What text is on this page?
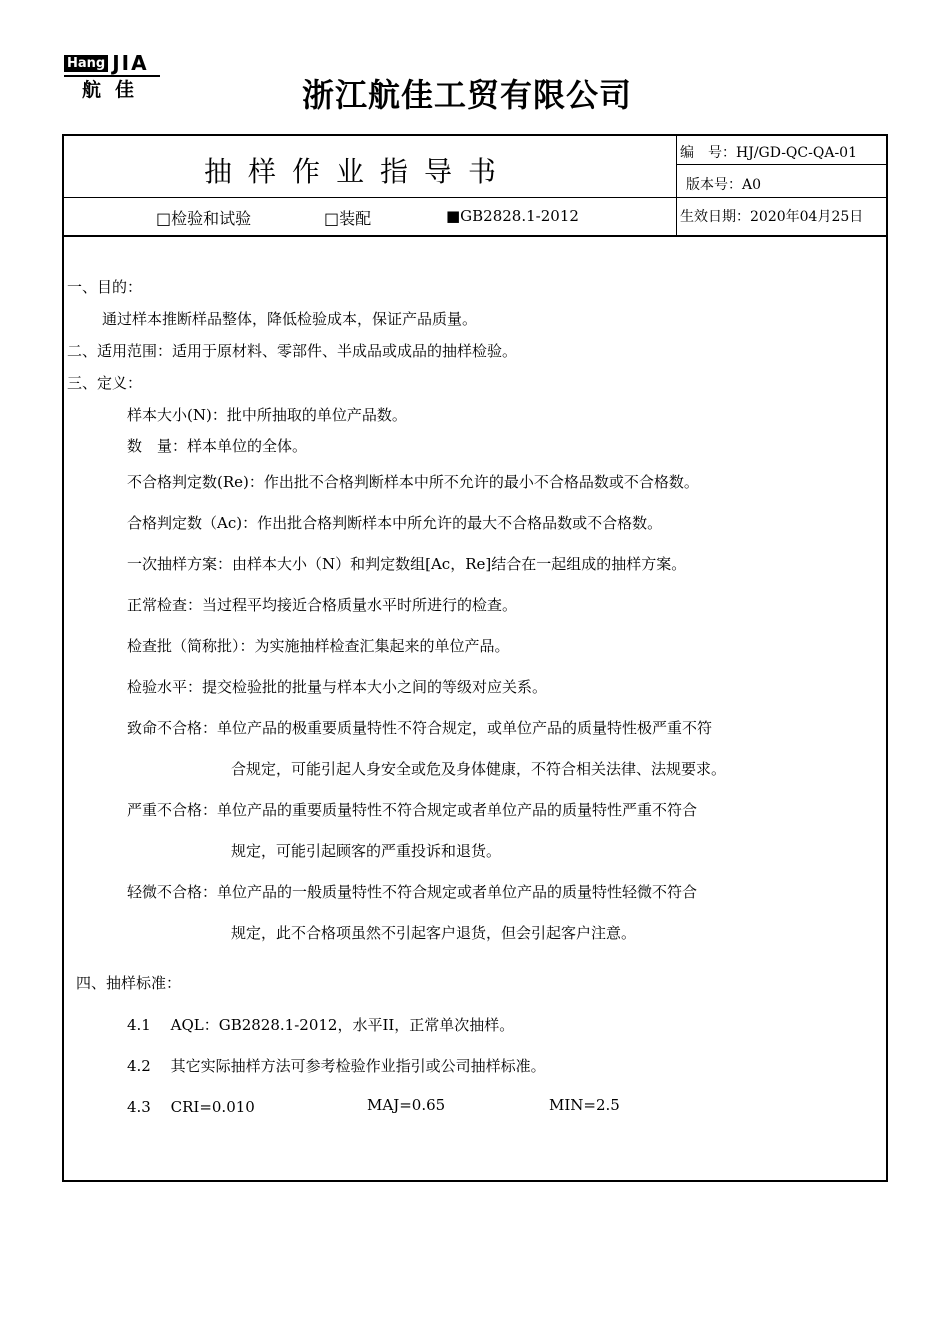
Hang JIA
航佳	浙江航佳工贸有限公司
抽样作业指导书
编　号：HJ/GD-QC-QA-01
版本号：A0
□检验和试验	□装配	■GB2828.1-2012	生效日期：2020年04月25日
一、目的：
通过样本推断样品整体，降低检验成本，保证产品质量。
二、适用范围：适用于原材料、零部件、半成品或成品的抽样检验。
三、定义：
样本大小(N)：批中所抽取的单位产品数。
数　量：样本单位的全体。
不合格判定数(Re)：作出批不合格判断样本中所不允许的最小不合格品数或不合格数。
合格判定数（Ac)：作出批合格判断样本中所允许的最大不合格品数或不合格数。
一次抽样方案：由样本大小（N）和判定数组[Ac，Re]结合在一起组成的抽样方案。
正常检查：当过程平均接近合格质量水平时所进行的检查。
检查批（简称批）：为实施抽样检查汇集起来的单位产品。
检验水平：提交检验批的批量与样本大小之间的等级对应关系。
致命不合格：单位产品的极重要质量特性不符合规定，或单位产品的质量特性极严重不符
合规定，可能引起人身安全或危及身体健康，不符合相关法律、法规要求。
严重不合格：单位产品的重要质量特性不符合规定或者单位产品的质量特性严重不符合
规定，可能引起顾客的严重投诉和退货。
轻微不合格：单位产品的一般质量特性不符合规定或者单位产品的质量特性轻微不符合
规定，此不合格项虽然不引起客户退货，但会引起客户注意。
四、抽样标准：
4.1　 AQL：GB2828.1-2012，水平II，正常单次抽样。
4.2　 其它实际抽样方法可参考检验作业指引或公司抽样标准。
4.3　 CRI=0.010	MAJ=0.65	MIN=2.5
